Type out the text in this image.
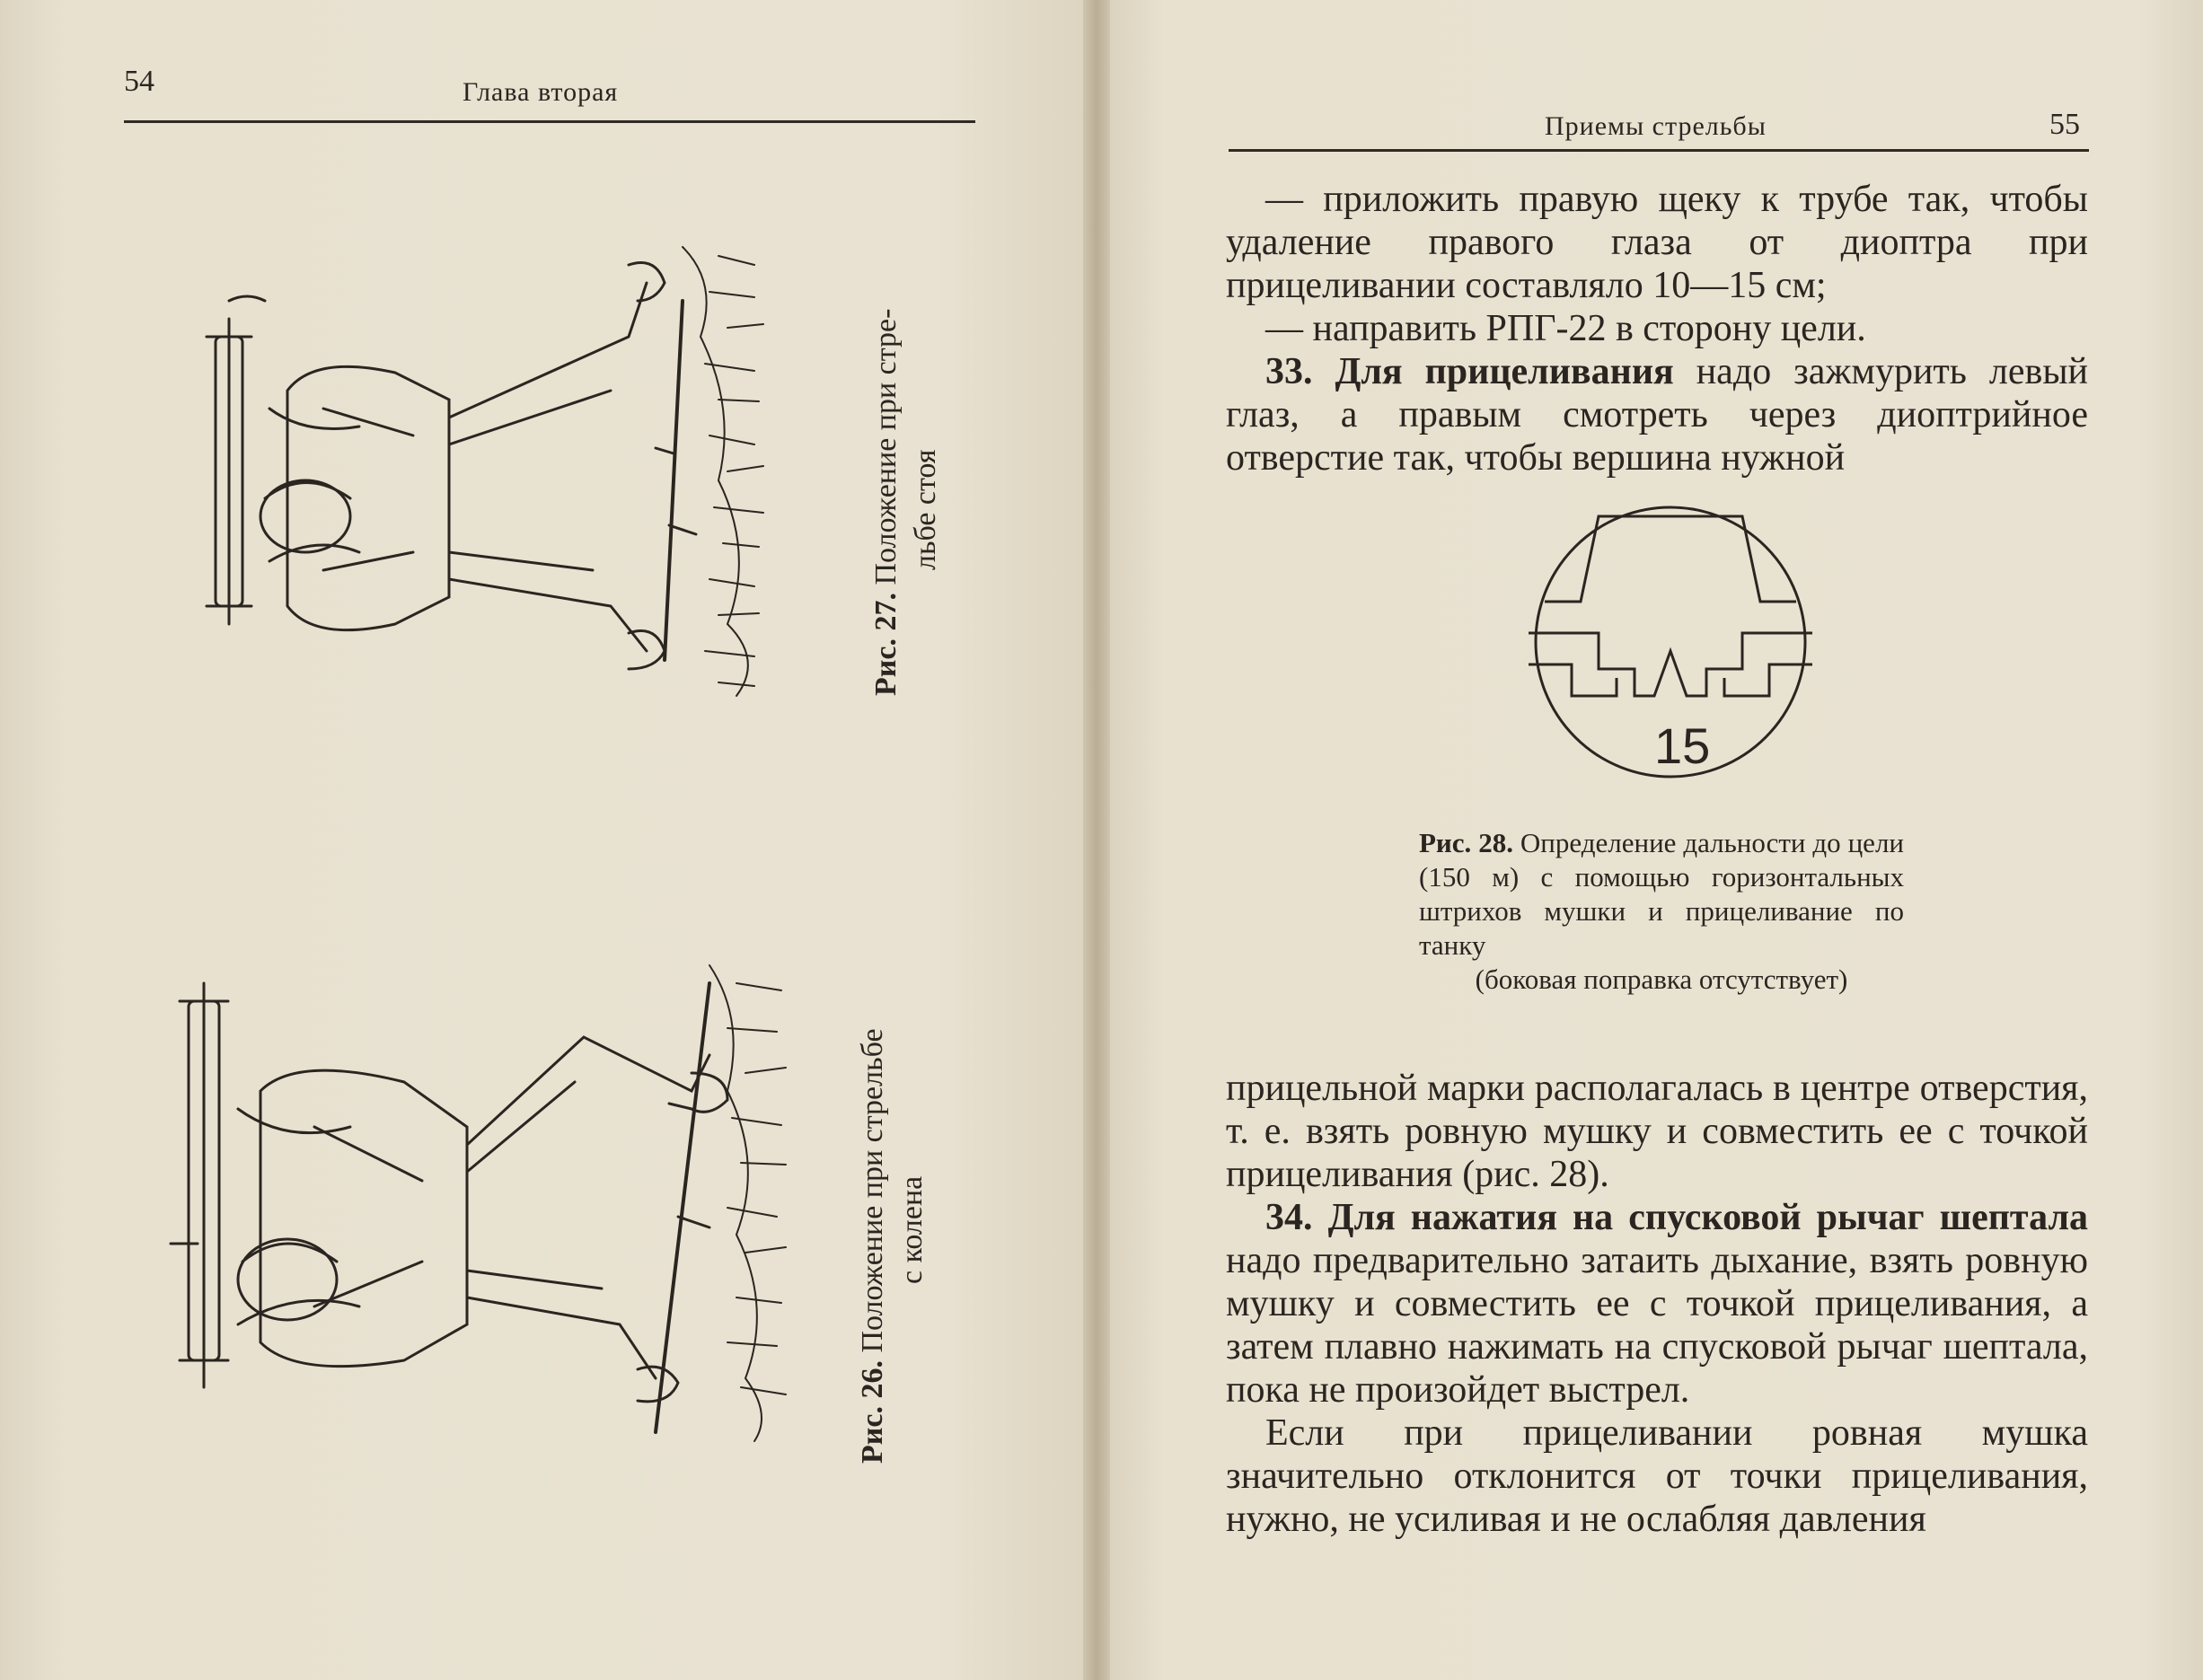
54	Глава вторая
Рис. 27. Положение при стре- льбе стоя
Рис. 26. Положение при стрельбе с колена
Приемы стрельбы	55

— приложить правую щеку к трубе так, чтобы удаление правого глаза от диоптра при прицеливании составляло 10—15 см;

— направить РПГ-22 в сторону цели.

33. Для прицеливания надо зажмурить левый глаз, а правым смотреть через диоптрийное отверстие так, чтобы вершина нужной

15
Рис. 28. Определение дальности до цели (150 м) с помощью горизонтальных штрихов мушки и прицеливание по танку
(боковая поправка отсутствует)

прицельной марки располагалась в центре отверстия, т. е. взять ровную мушку и совместить ее с точкой прицеливания (рис. 28).

34. Для нажатия на спусковой рычаг шептала надо предварительно затаить дыхание, взять ровную мушку и совместить ее с точкой прицеливания, а затем плавно нажимать на спусковой рычаг шептала, пока не произойдет выстрел.

Если при прицеливании ровная мушка значительно отклонится от точки прицеливания, нужно, не усиливая и не ослабляя давления
